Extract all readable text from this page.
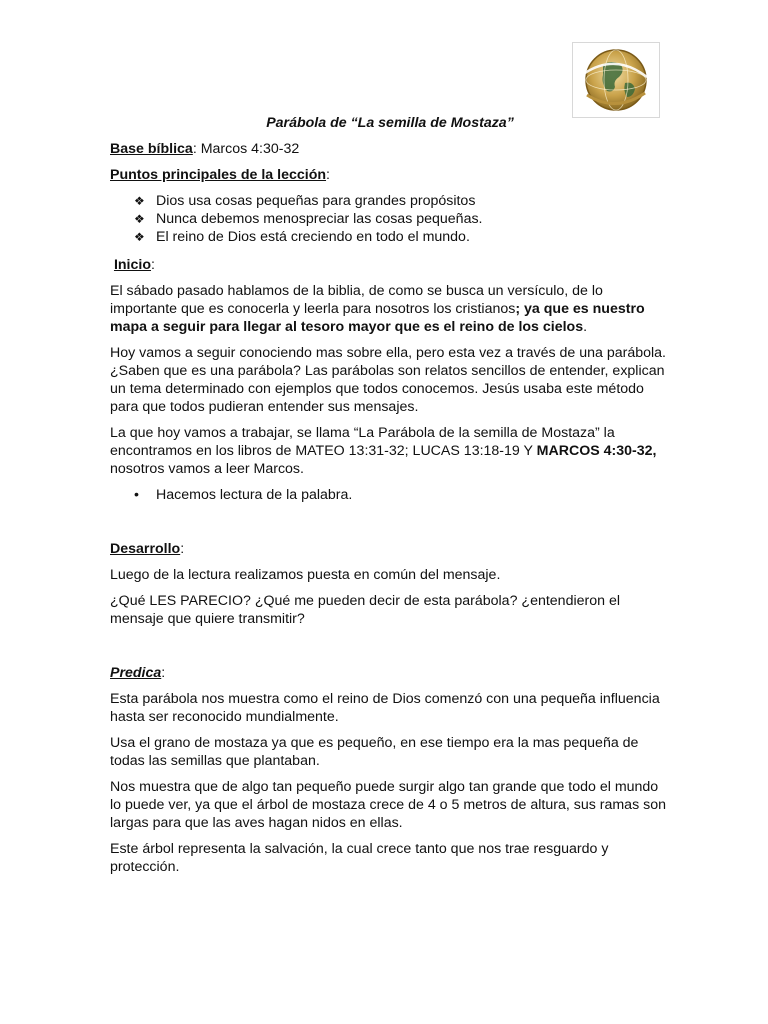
Parábola de “La semilla de Mostaza”

Base bíblica: Marcos 4:30-32

Puntos principales de la lección:

❖ Dios usa cosas pequeñas para grandes propósitos
❖ Nunca debemos menospreciar las cosas pequeñas.
❖ El reino de Dios está creciendo en todo el mundo.

Inicio:

El sábado pasado hablamos de la biblia, de como se busca un versículo, de lo importante que es conocerla y leerla para nosotros los cristianos; ya que es nuestro mapa a seguir para llegar al tesoro mayor que es el reino de los cielos.

Hoy vamos a seguir conociendo mas sobre ella, pero esta vez a través de una parábola. ¿Saben que es una parábola? Las parábolas son relatos sencillos de entender, explican un tema determinado con ejemplos que todos conocemos. Jesús usaba este método para que todos pudieran entender sus mensajes.

La que hoy vamos a trabajar, se llama “La Parábola de la semilla de Mostaza” la encontramos en los libros de MATEO 13:31-32; LUCAS 13:18-19 Y MARCOS 4:30-32, nosotros vamos a leer Marcos.

• Hacemos lectura de la palabra.

Desarrollo:

Luego de la lectura realizamos puesta en común del mensaje.

¿Qué LES PARECIO? ¿Qué me pueden decir de esta parábola? ¿entendieron el mensaje que quiere transmitir?

Predica:

Esta parábola nos muestra como el reino de Dios comenzó con una pequeña influencia hasta ser reconocido mundialmente.

Usa el grano de mostaza ya que es pequeño, en ese tiempo era la mas pequeña de todas las semillas que plantaban.

Nos muestra que de algo tan pequeño puede surgir algo tan grande que todo el mundo lo puede ver, ya que el árbol de mostaza crece de 4 o 5 metros de altura, sus ramas son largas para que las aves hagan nidos en ellas.

Este árbol representa la salvación, la cual crece tanto que nos trae resguardo y protección.
